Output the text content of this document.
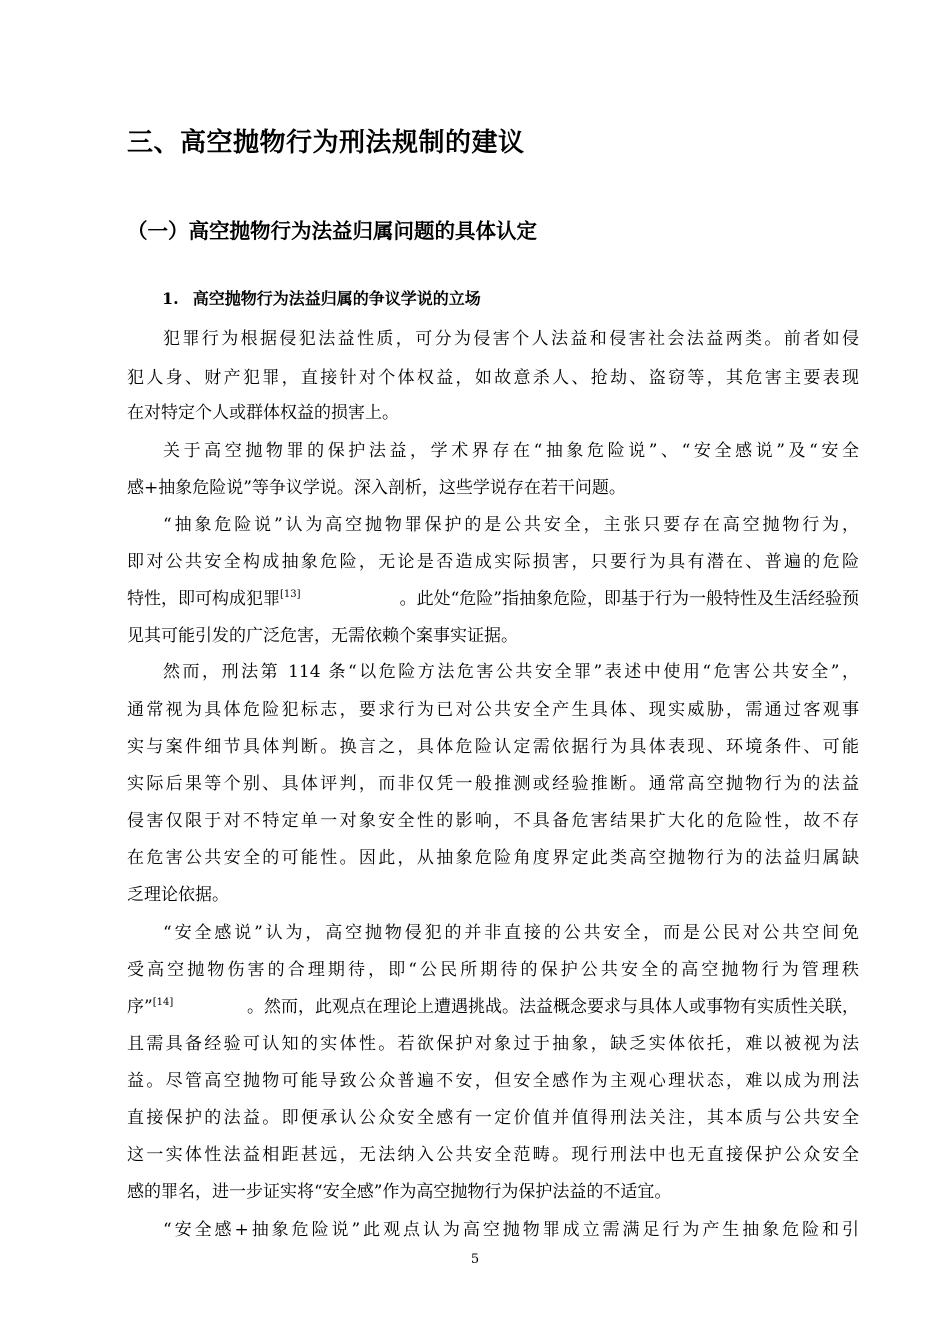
三、高空抛物行为刑法规制的建议
（一）高空抛物行为法益归属问题的具体认定
1. 高空抛物行为法益归属的争议学说的立场

犯罪行为根据侵犯法益性质，可分为侵害个人法益和侵害社会法益两类。前者如侵

犯人身、财产犯罪，直接针对个体权益，如故意杀人、抢劫、盗窃等，其危害主要表现

在对特定个人或群体权益的损害上。

关于高空抛物罪的保护法益，学术界存在“抽象危险说”、“安全感说”及“安全

感+抽象危险说”等争议学说。深入剖析，这些学说存在若干问题。

“抽象危险说”认为高空抛物罪保护的是公共安全，主张只要存在高空抛物行为，

即对公共安全构成抽象危险，无论是否造成实际损害，只要行为具有潜在、普遍的危险

特性，即可构成犯罪[13]	。此处“危险”指抽象危险，即基于行为一般特性及生活经验预

见其可能引发的广泛危害，无需依赖个案事实证据。

然而，刑法第 114 条“以危险方法危害公共安全罪”表述中使用“危害公共安全”，

通常视为具体危险犯标志，要求行为已对公共安全产生具体、现实威胁，需通过客观事

实与案件细节具体判断。换言之，具体危险认定需依据行为具体表现、环境条件、可能

实际后果等个别、具体评判，而非仅凭一般推测或经验推断。通常高空抛物行为的法益

侵害仅限于对不特定单一对象安全性的影响，不具备危害结果扩大化的危险性，故不存

在危害公共安全的可能性。因此，从抽象危险角度界定此类高空抛物行为的法益归属缺

乏理论依据。

“安全感说”认为，高空抛物侵犯的并非直接的公共安全，而是公民对公共空间免

受高空抛物伤害的合理期待，即“公民所期待的保护公共安全的高空抛物行为管理秩

序”[14]	。然而，此观点在理论上遭遇挑战。法益概念要求与具体人或事物有实质性关联，

且需具备经验可认知的实体性。若欲保护对象过于抽象，缺乏实体依托，难以被视为法

益。尽管高空抛物可能导致公众普遍不安，但安全感作为主观心理状态，难以成为刑法

直接保护的法益。即便承认公众安全感有一定价值并值得刑法关注，其本质与公共安全

这一实体性法益相距甚远，无法纳入公共安全范畴。现行刑法中也无直接保护公众安全

感的罪名，进一步证实将“安全感”作为高空抛物行为保护法益的不适宜。

“安全感+抽象危险说”此观点认为高空抛物罪成立需满足行为产生抽象危险和引

5
